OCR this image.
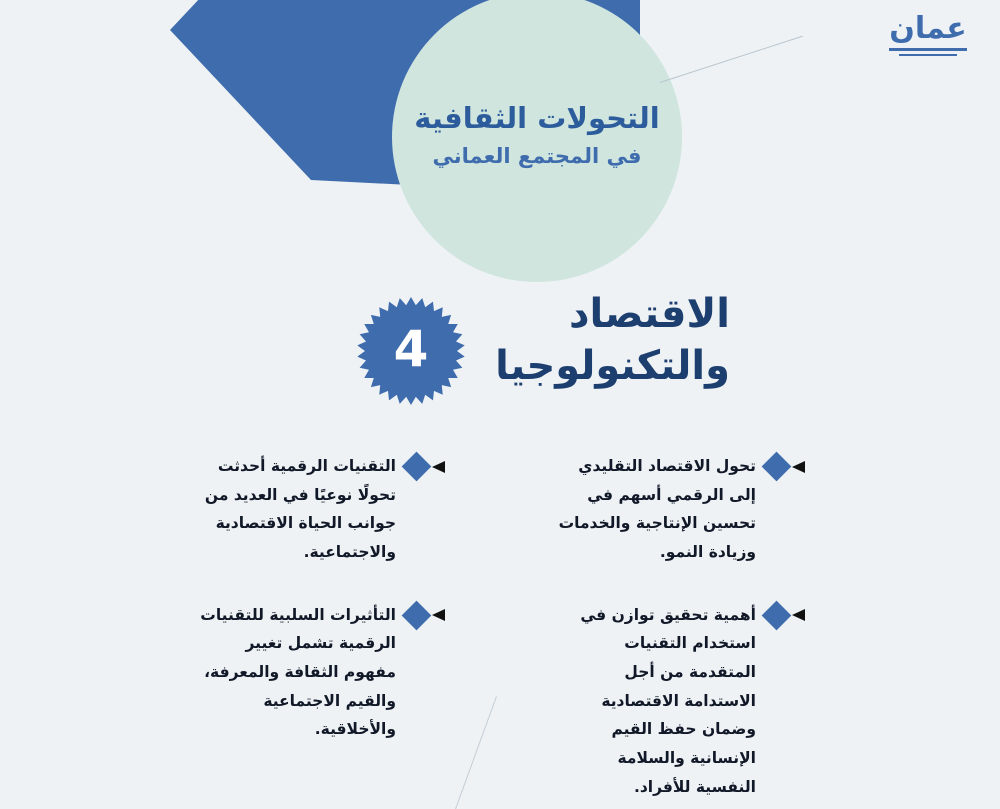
عمان
التحولات الثقافية
في المجتمع العماني
الاقتصاد
والتكنولوجيا
4
تحول الاقتصاد التقليدي إلى الرقمي أسهم في تحسين الإنتاجية والخدمات وزيادة النمو.
أهمية تحقيق توازن في استخدام التقنيات المتقدمة من أجل الاستدامة الاقتصادية وضمان حفظ القيم الإنسانية والسلامة النفسية للأفراد.
التقنيات الرقمية أحدثت تحولًا نوعيًا في العديد من جوانب الحياة الاقتصادية والاجتماعية.
التأثيرات السلبية للتقنيات الرقمية تشمل تغيير مفهوم الثقافة والمعرفة، والقيم الاجتماعية والأخلاقية.
